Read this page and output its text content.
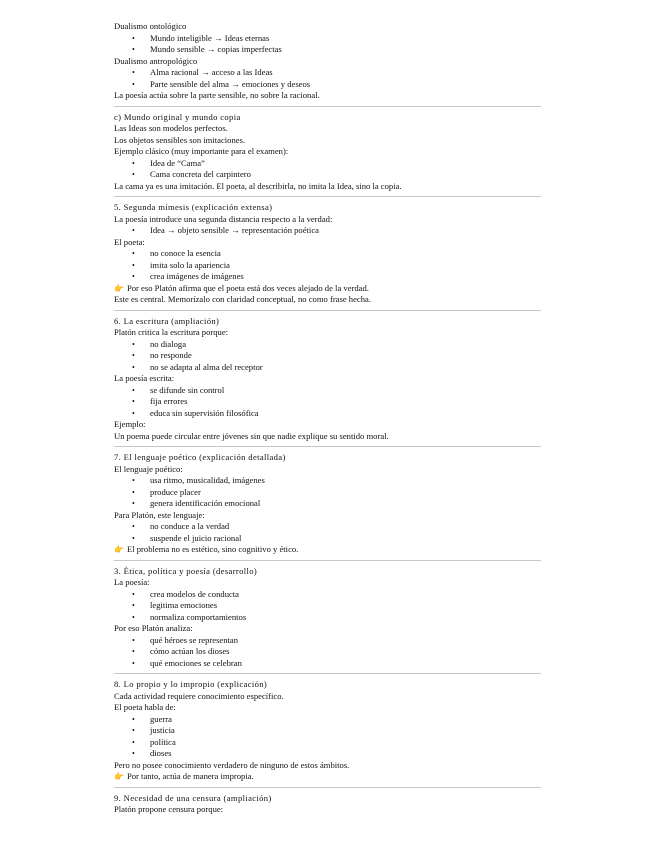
Dualismo ontológico
• Mundo inteligible → Ideas eternas
• Mundo sensible → copias imperfectas
Dualismo antropológico
• Alma racional → acceso a las Ideas
• Parte sensible del alma → emociones y deseos
La poesía actúa sobre la parte sensible, no sobre la racional.
c) Mundo original y mundo copia
Las Ideas son modelos perfectos.
Los objetos sensibles son imitaciones.
Ejemplo clásico (muy importante para el examen):
• Idea de “Cama”
• Cama concreta del carpintero
La cama ya es una imitación. El poeta, al describirla, no imita la Idea, sino la copia.
5. Segunda mímesis (explicación extensa)
La poesía introduce una segunda distancia respecto a la verdad:
• Idea → objeto sensible → representación poética
El poeta:
• no conoce la esencia
• imita solo la apariencia
• crea imágenes de imágenes
👉 Por eso Platón afirma que el poeta está dos veces alejado de la verdad.
Este es central. Memorízalo con claridad conceptual, no como frase hecha.
6. La escritura (ampliación)
Platón critica la escritura porque:
• no dialoga
• no responde
• no se adapta al alma del receptor
La poesía escrita:
• se difunde sin control
• fija errores
• educa sin supervisión filosófica
Ejemplo:
Un poema puede circular entre jóvenes sin que nadie explique su sentido moral.
7. El lenguaje poético (explicación detallada)
El lenguaje poético:
• usa ritmo, musicalidad, imágenes
• produce placer
• genera identificación emocional
Para Platón, este lenguaje:
• no conduce a la verdad
• suspende el juicio racional
👉 El problema no es estético, sino cognitivo y ético.
3. Ética, política y poesía (desarrollo)
La poesía:
• crea modelos de conducta
• legitima emociones
• normaliza comportamientos
Por eso Platón analiza:
• qué héroes se representan
• cómo actúan los dioses
• qué emociones se celebran
8. Lo propio y lo impropio (explicación)
Cada actividad requiere conocimiento específico.
El poeta habla de:
• guerra
• justicia
• política
• dioses
Pero no posee conocimiento verdadero de ninguno de estos ámbitos.
👉 Por tanto, actúa de manera impropia.
9. Necesidad de una censura (ampliación)
Platón propone censura porque:
